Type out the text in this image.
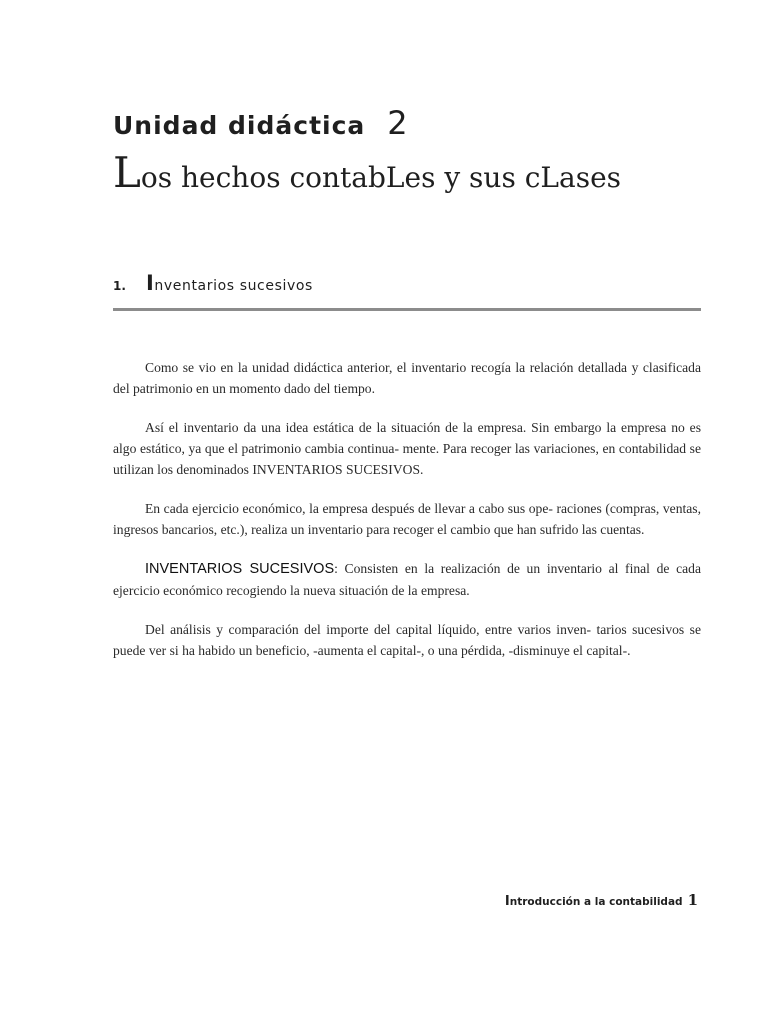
Unidad didáctica 2
Los hechos contabLes y sus cLases
1. Inventarios sucesivos

Como se vio en la unidad didáctica anterior, el inventario recogía la relación detallada y clasificada del patrimonio en un momento dado del tiempo.

Así el inventario da una idea estática de la situación de la empresa. Sin embargo la empresa no es algo estático, ya que el patrimonio cambia continua- mente. Para recoger las variaciones, en contabilidad se utilizan los denominados INVENTARIOS SUCESIVOS.

En cada ejercicio económico, la empresa después de llevar a cabo sus ope- raciones (compras, ventas, ingresos bancarios, etc.), realiza un inventario para recoger el cambio que han sufrido las cuentas.

INVENTARIOS SUCESIVOS: Consisten en la realización de un inventario al final de cada ejercicio económico recogiendo la nueva situación de la empresa.

Del análisis y comparación del importe del capital líquido, entre varios inven- tarios sucesivos se puede ver si ha habido un beneficio, -aumenta el capital-, o una pérdida, -disminuye el capital-.

Introducción a la contabilidad 1
